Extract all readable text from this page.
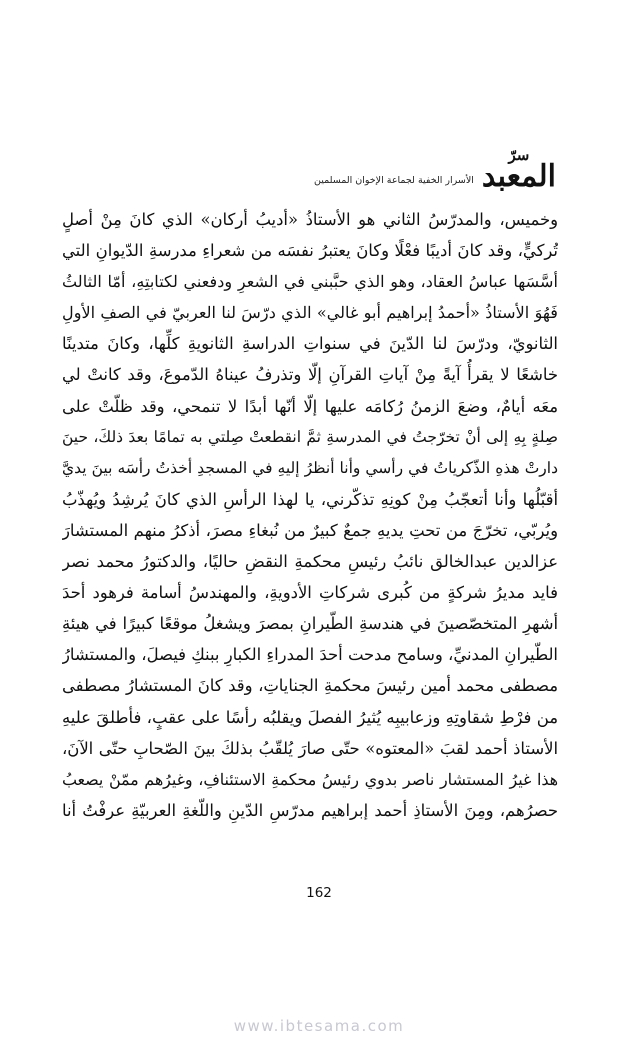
سرّ
المعبد
الأسرار الخفية لجماعة الإخوان المسلمين
وخميس، والمدرّسُ الثاني هو الأستاذُ «أديبُ أركان» الذي كانَ مِنْ أصلٍ
تُركيٍّ، وقد كانَ أديبًا فعْلًا وكانَ يعتبرُ نفسَه من شعراءِ مدرسةِ الدّيوانِ التي
أسَّسَها عباسُ العقاد، وهو الذي حبَّبني في الشعرِ ودفعني لكتابتِهِ، أمّا الثالثُ
فَهُوَ الأستاذُ «أحمدُ إبراهيم أبو غالي» الذي درّسَ لنا العربيّ في الصفِ الأولِ
الثانويّ، ودرّسَ لنا الدّينَ في سنواتِ الدراسةِ الثانويةِ كلِّها، وكانَ متدينًا
خاشعًا لا يقرأُ آيةً مِنْ آياتِ القرآنِ إلّا وتذرفُ عيناهُ الدّموعَ، وقد كانتْ لي
معَه أيامٌ، وضعَ الزمنُ رُكامَه عليها إلّا أنّها أبدًا لا تنمحي، وقد ظلّتْ على
صِلةٍ بِهِ إلى أنْ تخرّجتُ في المدرسةِ ثمَّ انقطعتْ صِلتي به تمامًا بعدَ ذلكَ، حينَ
دارتْ هذهِ الذّكرياتُ في رأسي وأنا أنظرُ إليهِ في المسجدِ أخذتُ رأسَه بينَ يديَّ
أقبّلُها وأنا أتعجّبُ مِنْ كونِهِ تذكّرني، يا لهذا الرأسِ الذي كانَ يُرشِدُ ويُهذّبُ
ويُربّي، تخرّجَ من تحتِ يديهِ جمعٌ كبيرٌ من نُبغاءِ مصرَ، أذكرُ منهم المستشارَ
عزالدين عبدالخالق نائبُ رئيسِ محكمةِ النقضِ حاليًا، والدكتورُ محمد نصر
فايد مديرُ شركةٍ من كُبرى شركاتِ الأدويةِ، والمهندسُ أسامة فرهود أحدَ
أشهرِ المتخصّصينَ في هندسةِ الطّيرانِ بمصرَ ويشغلُ موقعًا كبيرًا في هيئةِ
الطّيرانِ المدنيِّ، وسامح مدحت أحدَ المدراءِ الكبارِ ببنكِ فيصلَ، والمستشارُ
مصطفى محمد أمين رئيسَ محكمةِ الجناياتِ، وقد كانَ المستشارُ مصطفى
من فرْطِ شقاوتِهِ وزعابيبِه يُثيرُ الفصلَ ويقلبُه رأسًا على عقبٍ، فأطلقَ عليهِ
الأستاذ أحمد لقبَ «المعتوه» حتّى صارَ يُلقّبُ بذلكَ بينَ الصّحابِ حتّى الآنَ،
هذا غيرُ المستشار ناصر بدوي رئيسُ محكمةِ الاستئنافِ، وغيرُهم ممّنْ يصعبُ
حصرُهم، ومِنَ الأستاذِ أحمد إبراهيم مدرّسِ الدّينِ واللّغةِ العربيّةِ عرفْتُ أنا
162
www.ibtesama.com
